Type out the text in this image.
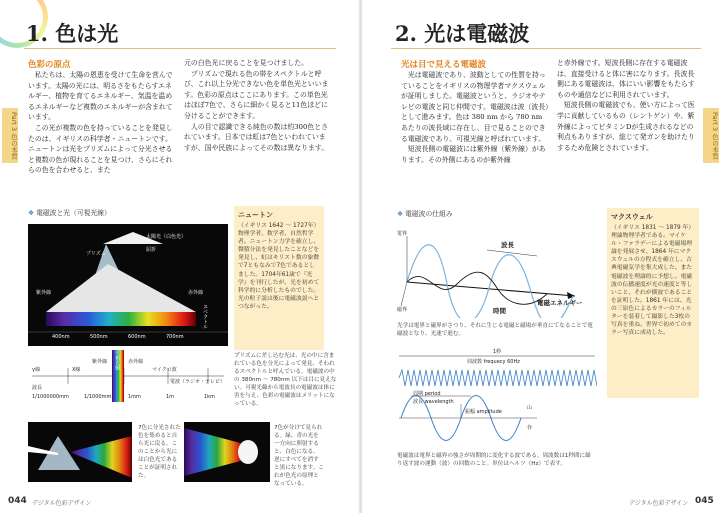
1. 色は光
色彩の原点
　私たちは、太陽の恩恵を受けて生命を営んでいます。太陽の光には、明るさをもたらすエネルギー、植物を育てるエネルギー、気温を温めるエネルギーなど複数のエネルギーが含まれています。
　この光が複数の色を持っていることを発見したのは、イギリスの科学者・ニュートンです。ニュートンは光をプリズムによって分光させると複数の色が現れることを見つけ、さらにそれらの色を合わせると、また
元の白色光に戻ることを見つけました。
　プリズムで現れる色の帯をスペクトルと呼び、これ以上分光できない色を単色光といいます。色彩の原点はここにあります。この単色光はほぼ7色で、さらに細かく見ると11色ほどに分けることができます。
　人の目で認識できる純色の数は約300色とされています。日本では虹は7色といわれていますが、国や民族によってその数は異なります。
❖ 電磁波と光（可視光線）
太陽光（白色光）
屈折
プリズム
紫外線	赤外線
スペクトル
400nm	500nm	600nm	700nm
γ線	X線
紫外線	赤外線
マイクロ波
電波（ラジオ・テレビ）
可視光線
1/1000000mm	1/1000mm	1mm	1m	1km
波長
ニュートン
（イギリス 1642 〜 1727年）物理学者、数学者、自然哲学者。ニュートン力学を確立し、微積分法を発見したことなどを発見し、虹はキリスト数の象徴で7ともなみで7色であるとしました。1704年61歳で『光学』を刊行したが、光を初めて科学的に分析したものでした。光の粒子説は後に電磁波説へとつながった。
プリズムに差し込む光は、光の中に含まれている色を分光によって発見、そわれるスペクトルと呼んでいる。電磁波の中の 380nm 〜 780nm 以下は目に見えない。可視光線から電波長の電磁波は体に害を与え、色彩の電磁波はメリットになっている。
7色に分光された色を集めると自ら光に戻る。このことから光には白色光であることが証明された。
7色が分けて見られる。緑、青の光を一方向に照射すると、白色になる。逆にすべてを消すと黒になります。これが色光の原理となっている。
044 デジタル色彩デザイン
Part 3 色の本質
2. 光は電磁波
光は目で見える電磁波
　光は電磁波であり、波動としての性質を持っていることをイギリスの物理学者マクスウェルが証明しました。電磁波というと、ラジオやテレビの電波と同じ仲間です。電磁波は波（波長）として進みます。色は 380 nm から 780 nm あたりの波長域に存在し、目で見ることのできる電磁波であり、可視光線と呼ばれています。
　短波長側の電磁波には紫外線（紫外線）があります。その外側にあるのが紫外線
と赤外線です。短波長側に存在する電磁波は、直接受けると体に害になります。長波長側にある電磁波は、体にいい影響をもたらすものや通信などに利用されています。
　短波長側の電磁波でも、使い方によって医学に貢献しているもの（レントゲン）や、紫外線によってビタミンDが生成されるなどの利点もありますが、総じて発ガンを助けたりするため危険とされています。
❖ 電磁波の仕組み
電界
磁界
波長
時間
電磁エネルギー
光学は電界と磁界がさつり、それに生じる電磁と磁場が垂直にてなることで電磁波となり、光速で進む。
1秒
周波数 frequecy 60Hz
周期 period
波長 wavelength
振幅 amplitude
山
谷
電磁波は電界と磁界の強さが周期的に変化する波である。周波数は1秒間に繰り返す波の運動（波）の回数のこと。単位はヘルツ（Hz）で表す。
マクスウェル
（イギリス 1831 〜 1879 年）理論物理学者である。マイケル・ファラデーによる電磁場理論を発展させ、1864 年にマクスウェルの方程式を確立し、古典電磁気学を集大成した。また電磁波を理論的に予想し、電磁波の伝播速度が光の速度と等しいこと、それが横波であることを証明した。1861 年には、光の三原色によるカラーのフィルターを装着して撮影した3枚の写真を重ね、世界で初めてのカラー写真に成功した。
デジタル色彩デザイン 045
Part 3 色の本質
